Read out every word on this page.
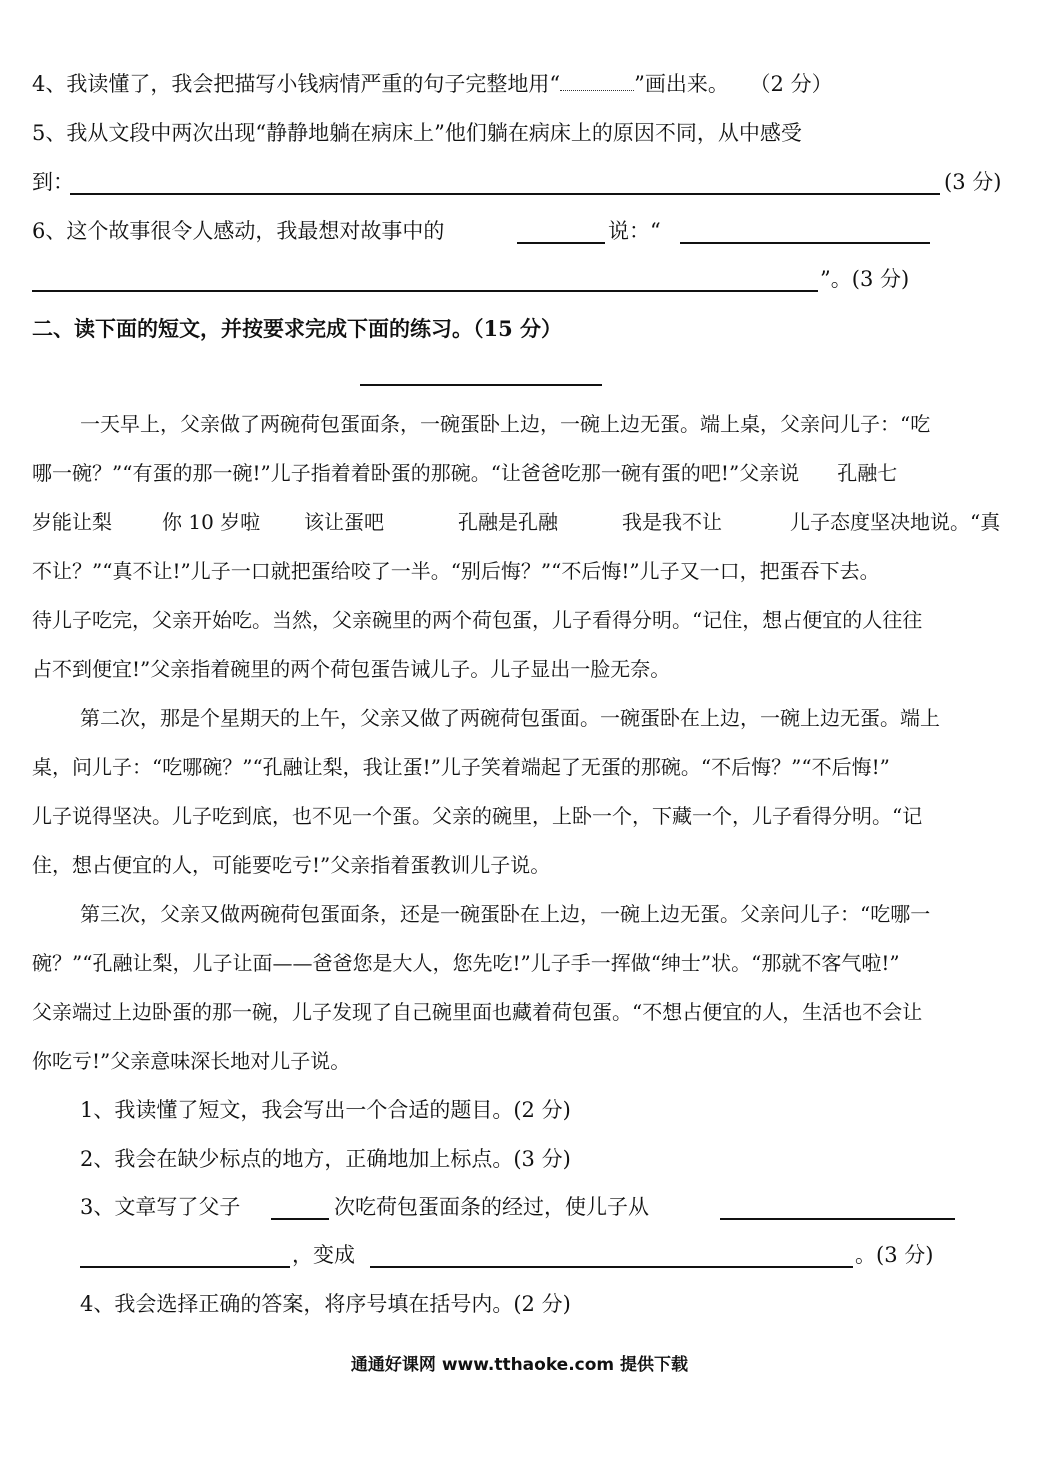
4、我读懂了，我会把描写小钱病情严重的句子完整地用“	”画出来。 （2 分）
5、我从文段中两次出现“静静地躺在病床上”他们躺在病床上的原因不同，从中感受
到：	(3 分)
6、这个故事很令人感动，我最想对故事中的	说：“
”。(3 分)
二、读下面的短文，并按要求完成下面的练习。（15 分）
一天早上，父亲做了两碗荷包蛋面条，一碗蛋卧上边，一碗上边无蛋。端上桌，父亲问儿子：“吃
哪一碗？”“有蛋的那一碗!”儿子指着着卧蛋的那碗。“让爸爸吃那一碗有蛋的吧!”父亲说 孔融七
岁能让梨	你 10 岁啦 该让蛋吧	孔融是孔融	我是我不让	儿子态度坚决地说。“真
不让？”“真不让!”儿子一口就把蛋给咬了一半。“别后悔？”“不后悔!”儿子又一口，把蛋吞下去。
待儿子吃完，父亲开始吃。当然，父亲碗里的两个荷包蛋，儿子看得分明。“记住，想占便宜的人往往
占不到便宜!”父亲指着碗里的两个荷包蛋告诫儿子。儿子显出一脸无奈。
第二次，那是个星期天的上午，父亲又做了两碗荷包蛋面。一碗蛋卧在上边，一碗上边无蛋。端上
桌，问儿子：“吃哪碗？”“孔融让梨，我让蛋!”儿子笑着端起了无蛋的那碗。“不后悔？”“不后悔!”
儿子说得坚决。儿子吃到底，也不见一个蛋。父亲的碗里，上卧一个，下藏一个，儿子看得分明。“记
住，想占便宜的人，可能要吃亏!”父亲指着蛋教训儿子说。
第三次，父亲又做两碗荷包蛋面条，还是一碗蛋卧在上边，一碗上边无蛋。父亲问儿子：“吃哪一
碗？”“孔融让梨，儿子让面——爸爸您是大人，您先吃!”儿子手一挥做“绅士”状。“那就不客气啦!”
父亲端过上边卧蛋的那一碗，儿子发现了自己碗里面也藏着荷包蛋。“不想占便宜的人，生活也不会让
你吃亏!”父亲意味深长地对儿子说。
1、我读懂了短文，我会写出一个合适的题目。(2 分)
2、我会在缺少标点的地方，正确地加上标点。(3 分)
3、文章写了父子	次吃荷包蛋面条的经过，使儿子从
，变成	。(3 分)
4、我会选择正确的答案，将序号填在括号内。(2 分)
通通好课网 www.tthaoke.com 提供下载
